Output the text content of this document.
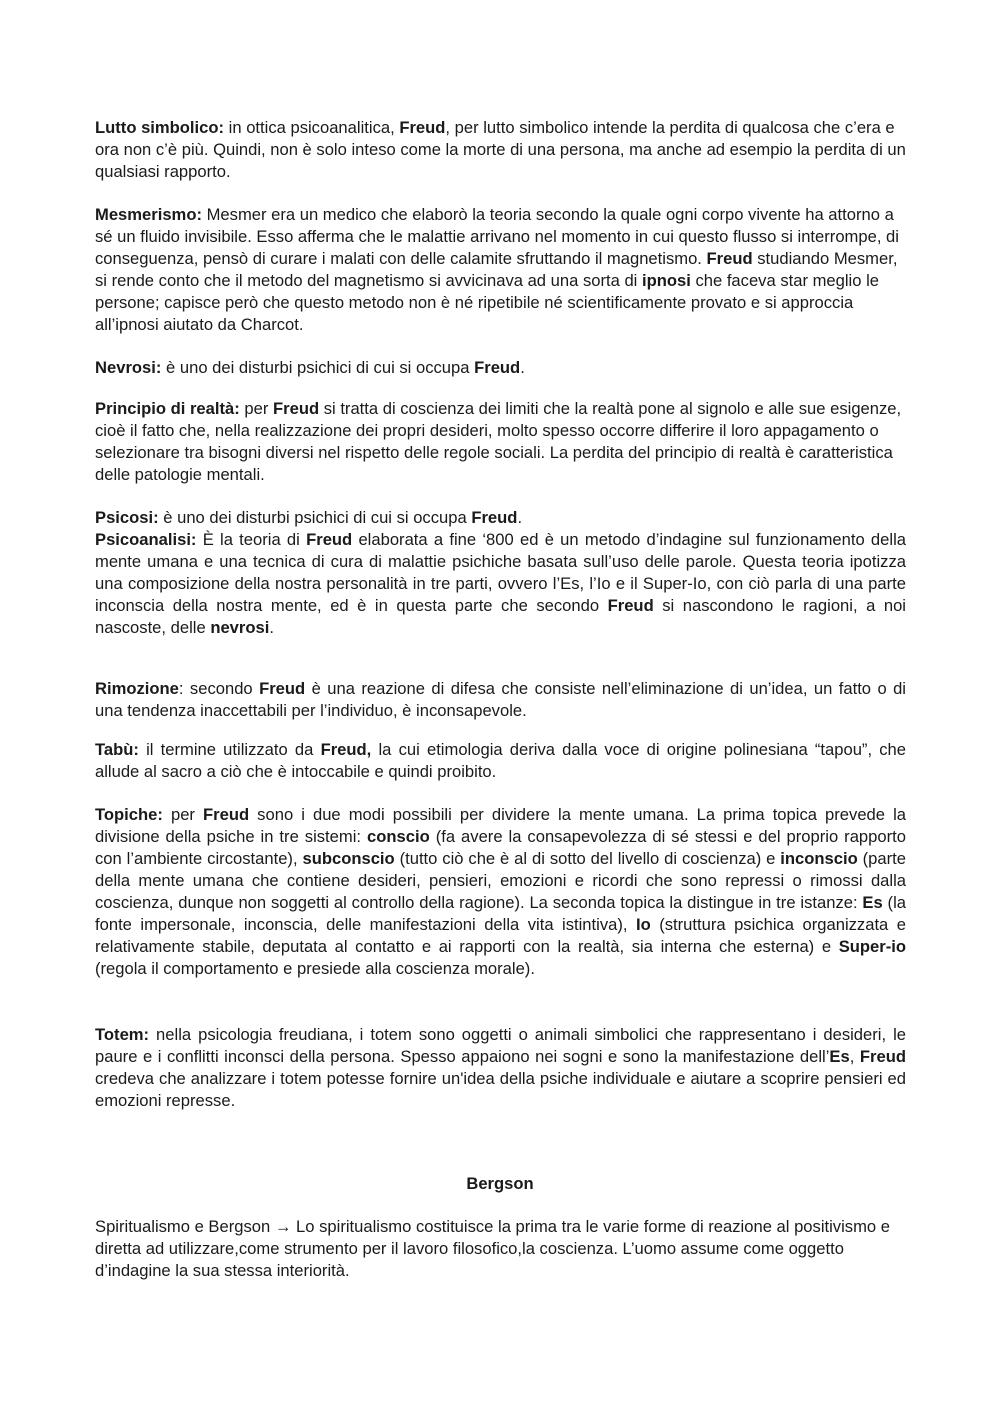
Lutto simbolico: in ottica psicoanalitica, Freud, per lutto simbolico intende la perdita di qualcosa che c’era e ora non c’è più. Quindi, non è solo inteso come la morte di una persona, ma anche ad esempio la perdita di un qualsiasi rapporto.

Mesmerismo: Mesmer era un medico che elaborò la teoria secondo la quale ogni corpo vivente ha attorno a sé un fluido invisibile. Esso afferma che le malattie arrivano nel momento in cui questo flusso si interrompe, di conseguenza, pensò di curare i malati con delle calamite sfruttando il magnetismo. Freud studiando Mesmer, si rende conto che il metodo del magnetismo si avvicinava ad una sorta di ipnosi che faceva star meglio le persone; capisce però che questo metodo non è né ripetibile né scientificamente provato e si approccia all’ipnosi aiutato da Charcot.

Nevrosi: è uno dei disturbi psichici di cui si occupa Freud.

Principio di realtà: per Freud si tratta di coscienza dei limiti che la realtà pone al signolo e alle sue esigenze, cioè il fatto che, nella realizzazione dei propri desideri, molto spesso occorre differire il loro appagamento o selezionare tra bisogni diversi nel rispetto delle regole sociali. La perdita del principio di realtà è caratteristica delle patologie mentali.

Psicosi: è uno dei disturbi psichici di cui si occupa Freud.

Psicoanalisi: È la teoria di Freud elaborata a fine ‘800 ed è un metodo d’indagine sul funzionamento della mente umana e una tecnica di cura di malattie psichiche basata sull’uso delle parole. Questa teoria ipotizza una composizione della nostra personalità in tre parti, ovvero l’Es, l’Io e il Super-Io, con ciò parla di una parte inconscia della nostra mente, ed è in questa parte che secondo Freud si nascondono le ragioni, a noi nascoste, delle nevrosi.

Rimozione: secondo Freud è una reazione di difesa che consiste nell’eliminazione di un’idea, un fatto o di una tendenza inaccettabili per l’individuo, è inconsapevole.

Tabù: il termine utilizzato da Freud, la cui etimologia deriva dalla voce di origine polinesiana “tapou”, che allude al sacro a ciò che è intoccabile e quindi proibito.

Topiche: per Freud sono i due modi possibili per dividere la mente umana. La prima topica prevede la divisione della psiche in tre sistemi: conscio (fa avere la consapevolezza di sé stessi e del proprio rapporto con l’ambiente circostante), subconscio (tutto ciò che è al di sotto del livello di coscienza) e inconscio (parte della mente umana che contiene desideri, pensieri, emozioni e ricordi che sono repressi o rimossi dalla coscienza, dunque non soggetti al controllo della ragione). La seconda topica la distingue in tre istanze: Es (la fonte impersonale, inconscia, delle manifestazioni della vita istintiva), Io (struttura psichica organizzata e relativamente stabile, deputata al contatto e ai rapporti con la realtà, sia interna che esterna) e Super-io (regola il comportamento e presiede alla coscienza morale).

Totem: nella psicologia freudiana, i totem sono oggetti o animali simbolici che rappresentano i desideri, le paure e i conflitti inconsci della persona. Spesso appaiono nei sogni e sono la manifestazione dell’Es, Freud credeva che analizzare i totem potesse fornire un'idea della psiche individuale e aiutare a scoprire pensieri ed emozioni represse.

Bergson

Spiritualismo e Bergson → Lo spiritualismo costituisce la prima tra le varie forme di reazione al positivismo e diretta ad utilizzare,come strumento per il lavoro filosofico,la coscienza. L’uomo assume come oggetto d’indagine la sua stessa interiorità.
